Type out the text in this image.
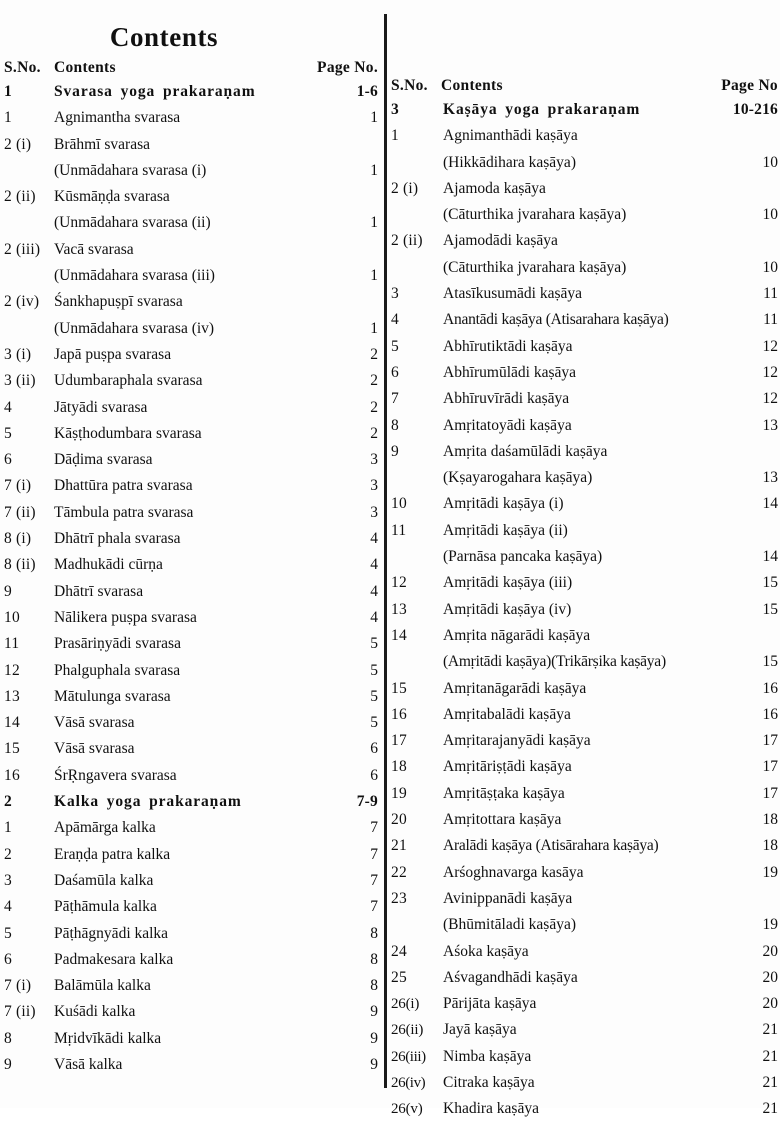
Contents
S.No. Contents	Page No.
1	Svarasa yoga prakaraṇam	1-6
1	Agnimantha svarasa	1
2 (i)	Brāhmī svarasa
(Unmādahara svarasa (i)	1
2 (ii)	Kūsmāṇḍa svarasa
(Unmādahara svarasa (ii)	1
2 (iii) Vacā svarasa
(Unmādahara svarasa (iii)	1
2 (iv) Śankhapuṣpī svarasa
(Unmādahara svarasa (iv)	1
3 (i)	Japā puṣpa svarasa	2
3 (ii)	Udumbaraphala svarasa	2
4	Jātyādi svarasa	2
5	Kāṣṭhodumbara svarasa	2
6	Dāḍima svarasa	3
7 (i)	Dhattūra patra svarasa	3
7 (ii)	Tāmbula patra svarasa	3
8 (i)	Dhātrī phala svarasa	4
8 (ii)	Madhukādi cūrṇa	4
9	Dhātrī svarasa	4
10	Nālikera puṣpa svarasa	4
11	Prasāriṇyādi svarasa	5
12	Phalguphala svarasa	5
13	Mātulunga svarasa	5
14	Vāsā svarasa	5
15	Vāsā svarasa	6
16	ŚrṚngavera svarasa	6
2	Kalka yoga prakaraṇam	7-9
1	Apāmārga kalka	7
2	Eraṇḍa patra kalka	7
3	Daśamūla kalka	7
4	Pāṭhāmula kalka	7
5	Pāṭhāgnyādi kalka	8
6	Padmakesara kalka	8
7 (i)	Balāmūla kalka	8
7 (ii)	Kuśādi kalka	9
8	Mṛidvīkādi kalka	9
9	Vāsā kalka	9
S.No. Contents	Page No
3	Kaṣāya yoga prakaraṇam	10-216
1	Agnimanthādi kaṣāya
(Hikkādihara kaṣāya)	10
2 (i)	Ajamoda kaṣāya
(Cāturthika jvarahara kaṣāya)	10
2 (ii)	Ajamodādi kaṣāya
(Cāturthika jvarahara kaṣāya)	10
3	Atasīkusumādi kaṣāya	11
4	Anantādi kaṣāya (Atisarahara kaṣāya)	11
5	Abhīrutiktādi kaṣāya	12
6	Abhīrumūlādi kaṣāya	12
7	Abhīruvīrādi kaṣāya	12
8	Amṛitatoyādi kaṣāya	13
9	Amṛita daśamūlādi kaṣāya
(Kṣayarogahara kaṣāya)	13
10	Amṛitādi kaṣāya (i)	14
11	Amṛitādi kaṣāya (ii)
(Parnāsa pancaka kaṣāya)	14
12	Amṛitādi kaṣāya (iii)	15
13	Amṛitādi kaṣāya (iv)	15
14	Amṛita nāgarādi kaṣāya
(Amṛitādi kaṣāya)(Trikārṣika kaṣāya)	15
15	Amṛitanāgarādi kaṣāya	16
16	Amṛitabalādi kaṣāya	16
17	Amṛitarajanyādi kaṣāya	17
18	Amṛitāriṣṭādi kaṣāya	17
19	Amṛitāṣṭaka kaṣāya	17
20	Amṛitottara kaṣāya	18
21	Aralādi kaṣāya (Atisārahara kaṣāya)	18
22	Arśoghnavarga kasāya	19
23	Avinippanādi kaṣāya
(Bhūmitāladi kaṣāya)	19
24	Aśoka kaṣāya	20
25	Aśvagandhādi kaṣāya	20
26(i)	Pārijāta kaṣāya	20
26(ii)	Jayā kaṣāya	21
26(iii)	Nimba kaṣāya	21
26(iv)	Citraka kaṣāya	21
26(v)	Khadira kaṣāya	21
